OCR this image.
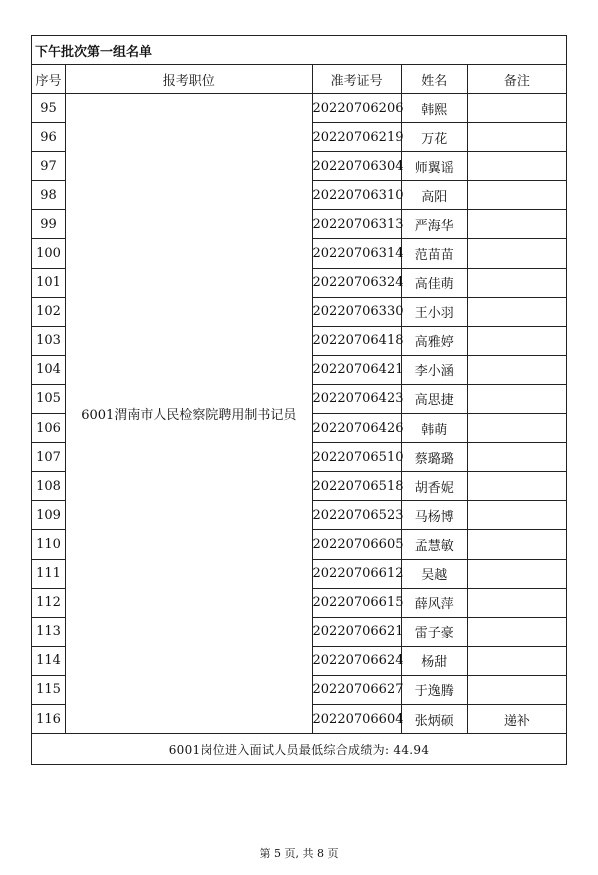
下午批次第一组名单				
序号	报考职位	准考证号	姓名	备注
95	6001渭南市人民检察院聘用制书记员	20220706206	韩熙	
96		20220706219	万花	
97		20220706304	师翼谣	
98		20220706310	高阳	
99		20220706313	严海华	
100		20220706314	范苗苗	
101		20220706324	高佳萌	
102		20220706330	王小羽	
103		20220706418	高雅婷	
104		20220706421	李小涵	
105		20220706423	高思捷	
106		20220706426	韩萌	
107		20220706510	蔡璐璐	
108		20220706518	胡香妮	
109		20220706523	马杨博	
110		20220706605	孟慧敏	
111		20220706612	吴越	
112		20220706615	薛风萍	
113		20220706621	雷子豪	
114		20220706624	杨甜	
115		20220706627	于逸腾	
116		20220706604	张炳硕	递补
6001岗位进入面试人员最低综合成绩为: 44.94				
第 5 页, 共 8 页
